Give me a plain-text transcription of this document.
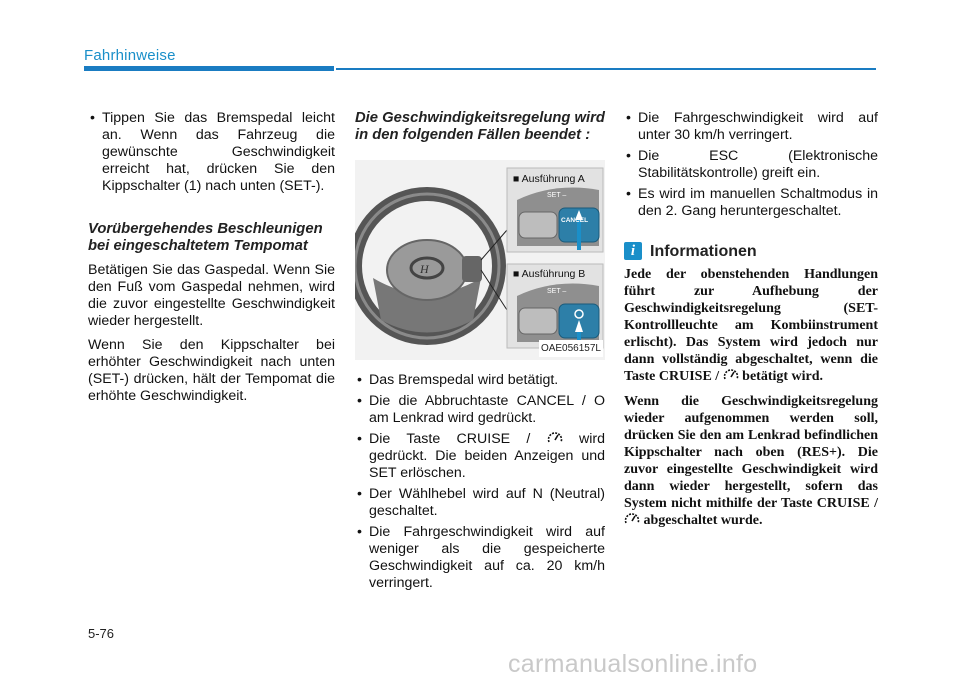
Fahrhinweise
• Tippen Sie das Bremspedal leicht an. Wenn das Fahrzeug die gewünschte Geschwindigkeit erreicht hat, drücken Sie den Kippschalter (1) nach unten (SET-).
Vorübergehendes Beschleunigen bei eingeschaltetem Tempomat

Betätigen Sie das Gaspedal. Wenn Sie den Fuß vom Gaspedal nehmen, wird die zuvor eingestellte Geschwindigkeit wieder hergestellt.

Wenn Sie den Kippschalter bei erhöhter Geschwindigkeit nach unten (SET-) drücken, hält der Tempomat die erhöhte Geschwindigkeit.

Die Geschwindigkeitsregelung wird in den folgenden Fällen beendet :
H
■ Ausführung A
SET –
CANCEL
■ Ausführung B
SET –
OAE056157L
• Das Bremspedal wird betätigt.
• Die die Abbruchtaste CANCEL / O am Lenkrad wird gedrückt.
• Die Taste CRUISE /	wird gedrückt. Die beiden Anzeigen und SET erlöschen.
• Der Wählhebel wird auf N (Neutral) geschaltet.
• Die Fahrgeschwindigkeit wird auf weniger als die gespeicherte Geschwindigkeit auf ca. 20 km/h verringert.
• Die Fahrgeschwindigkeit wird auf unter 30 km/h verringert.
• Die ESC (Elektronische Stabilitätskontrolle) greift ein.
• Es wird im manuellen Schaltmodus in den 2. Gang heruntergeschaltet.
i Informationen

Jede der obenstehenden Handlungen führt zur Aufhebung der Geschwindigkeitsregelung (SET-Kontrollleuchte am Kombiinstrument erlischt). Das System wird jedoch nur dann vollständig abgeschaltet, wenn die Taste CRUISE / betätigt wird.

Wenn die Geschwindigkeitsregelung wieder aufgenommen werden soll, drücken Sie den am Lenkrad befindlichen Kippschalter nach oben (RES+). Die zuvor eingestellte Geschwindigkeit wird dann wieder hergestellt, sofern das System nicht mithilfe der Taste CRUISE /  abgeschaltet wurde.

5-76
carmanualsonline.info
